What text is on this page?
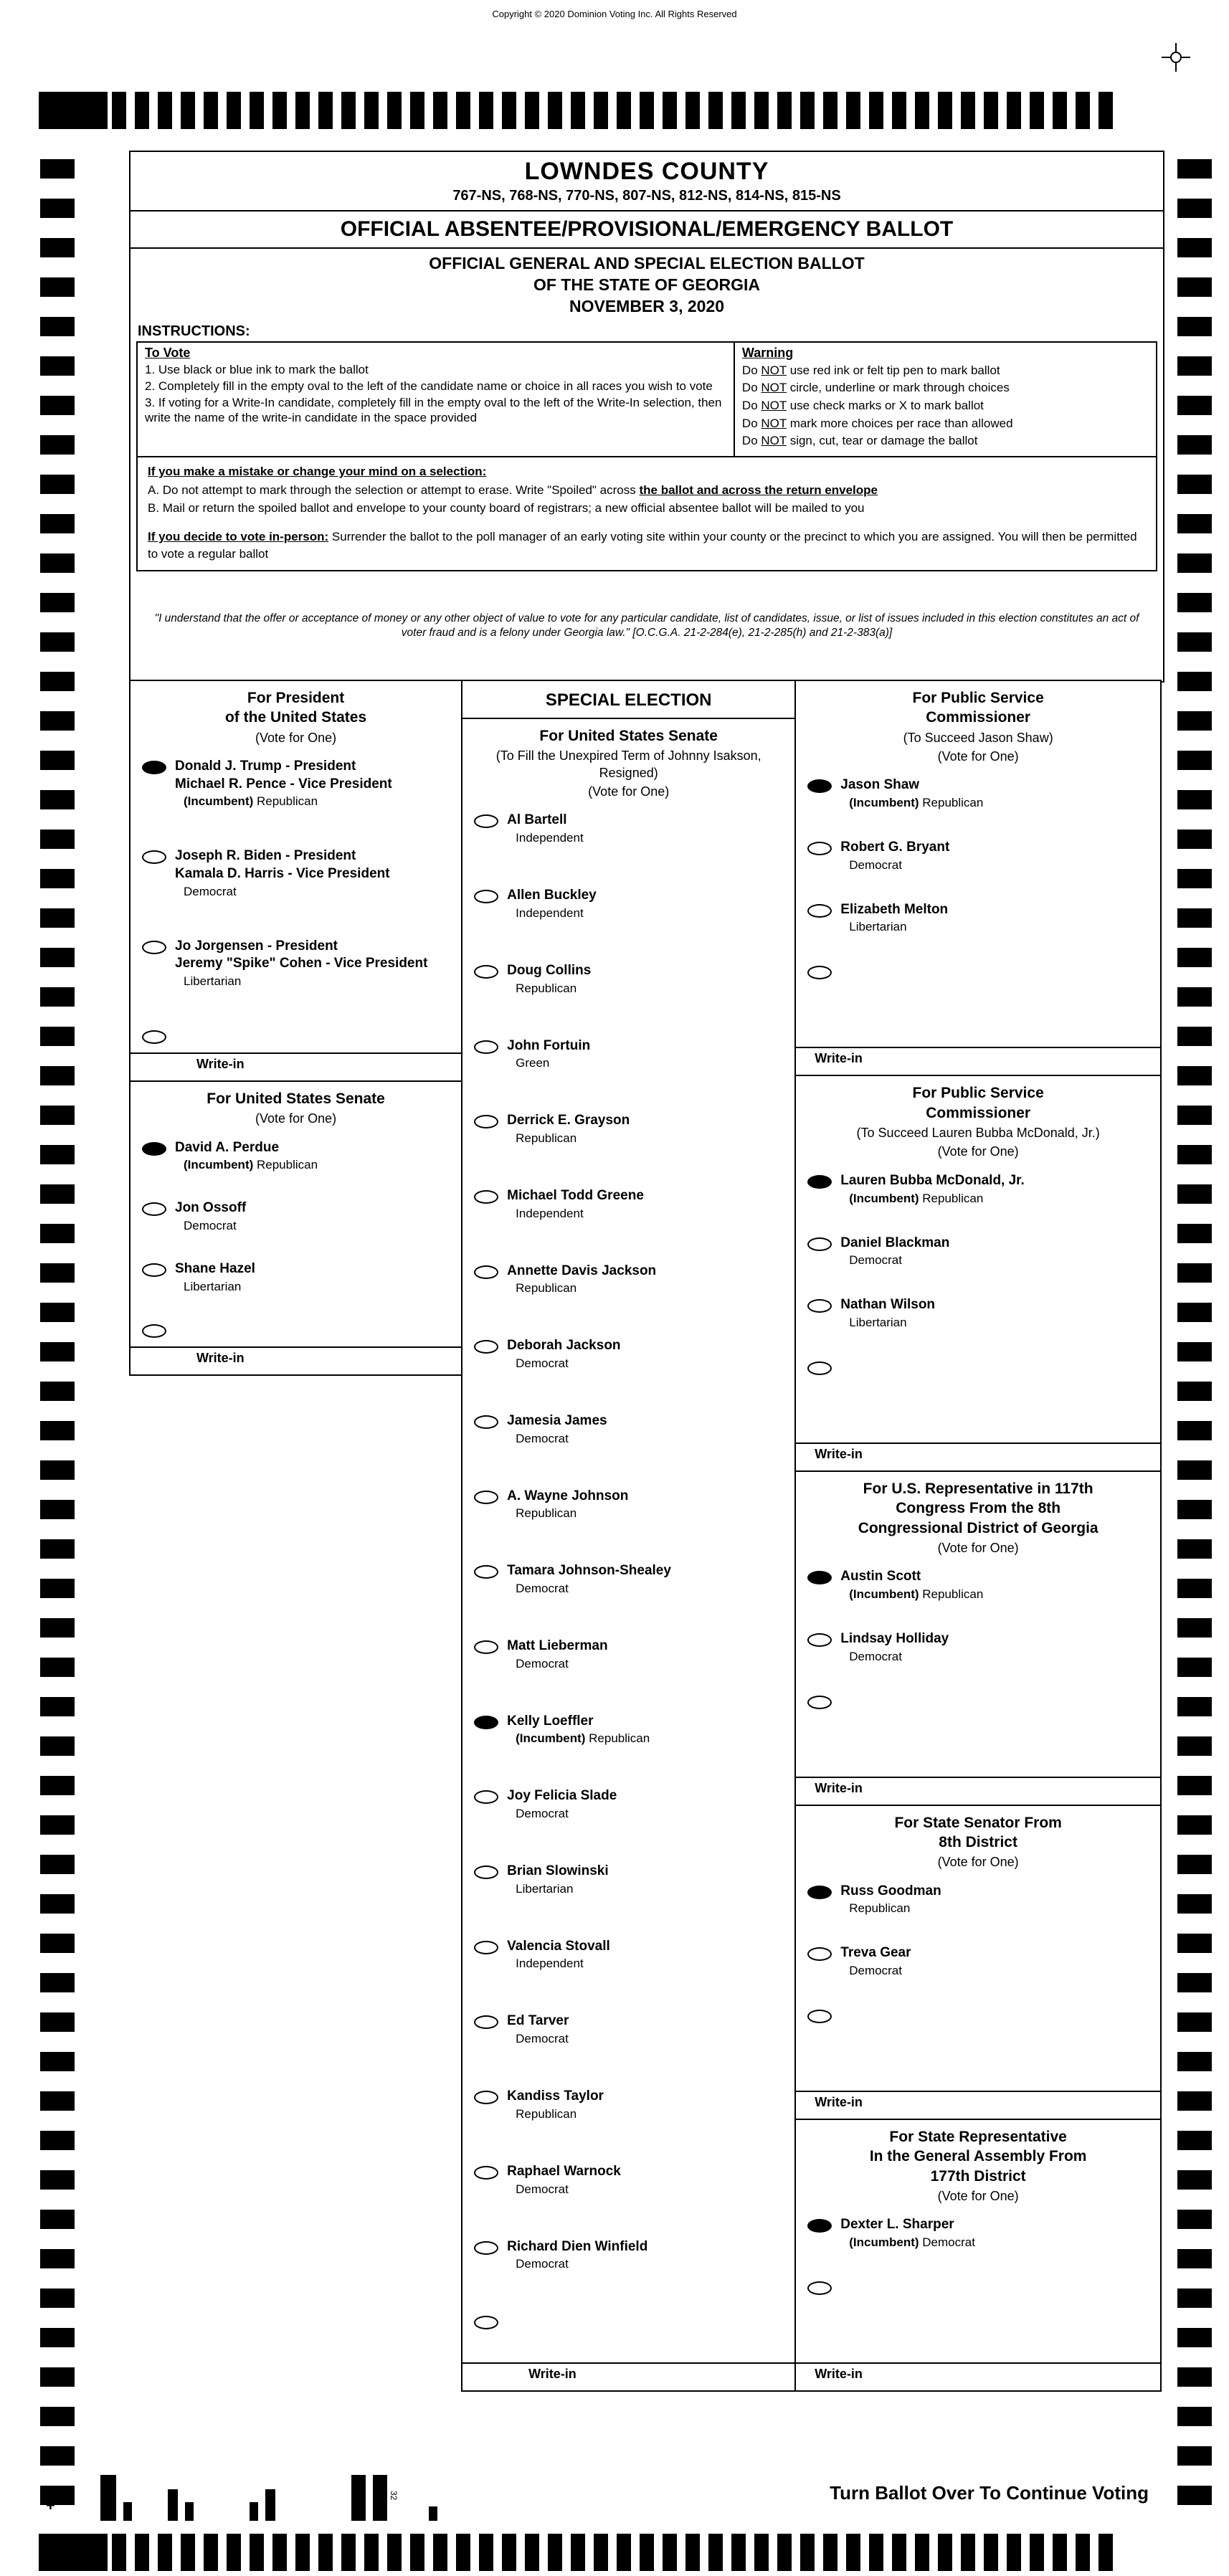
Copyright © 2020 Dominion Voting Inc. All Rights Reserved
LOWNDES COUNTY
767-NS, 768-NS, 770-NS, 807-NS, 812-NS, 814-NS, 815-NS
OFFICIAL ABSENTEE/PROVISIONAL/EMERGENCY BALLOT
OFFICIAL GENERAL AND SPECIAL ELECTION BALLOT
OF THE STATE OF GEORGIA
NOVEMBER 3, 2020
INSTRUCTIONS:
To Vote
1. Use black or blue ink to mark the ballot
2. Completely fill in the empty oval to the left of the candidate name or choice in all races you wish to vote
3. If voting for a Write-In candidate, completely fill in the empty oval to the left of the Write-In selection, then write the name of the write-in candidate in the space provided
Warning
Do NOT use red ink or felt tip pen to mark ballot
Do NOT circle, underline or mark through choices
Do NOT use check marks or X to mark ballot
Do NOT mark more choices per race than allowed
Do NOT sign, cut, tear or damage the ballot
If you make a mistake or change your mind on a selection:
A. Do not attempt to mark through the selection or attempt to erase. Write "Spoiled" across the ballot and across the return envelope
B. Mail or return the spoiled ballot and envelope to your county board of registrars; a new official absentee ballot will be mailed to you
If you decide to vote in-person: Surrender the ballot to the poll manager of an early voting site within your county or the precinct to which you are assigned. You will then be permitted to vote a regular ballot
"I understand that the offer or acceptance of money or any other object of value to vote for any particular candidate, list of candidates, issue, or list of issues included in this election constitutes an act of voter fraud and is a felony under Georgia law." [O.C.G.A. 21-2-284(e), 21-2-285(h) and 21-2-383(a)]
For President
of the United States
(Vote for One)
Donald J. Trump - President
Michael R. Pence - Vice President
(Incumbent) Republican
Joseph R. Biden - President
Kamala D. Harris - Vice President
Democrat
Jo Jorgensen - President
Jeremy "Spike" Cohen - Vice President
Libertarian
Write-in
For United States Senate
(Vote for One)
David A. Perdue
(Incumbent) Republican
Jon Ossoff
Democrat
Shane Hazel
Libertarian
Write-in
SPECIAL ELECTION
For United States Senate
(To Fill the Unexpired Term of Johnny Isakson, Resigned)
(Vote for One)
Al Bartell
Independent
Allen Buckley
Independent
Doug Collins
Republican
John Fortuin
Green
Derrick E. Grayson
Republican
Michael Todd Greene
Independent
Annette Davis Jackson
Republican
Deborah Jackson
Democrat
Jamesia James
Democrat
A. Wayne Johnson
Republican
Tamara Johnson-Shealey
Democrat
Matt Lieberman
Democrat
Kelly Loeffler
(Incumbent) Republican
Joy Felicia Slade
Democrat
Brian Slowinski
Libertarian
Valencia Stovall
Independent
Ed Tarver
Democrat
Kandiss Taylor
Republican
Raphael Warnock
Democrat
Richard Dien Winfield
Democrat
Write-in
For Public Service
Commissioner
(To Succeed Jason Shaw)
(Vote for One)
Jason Shaw
(Incumbent) Republican
Robert G. Bryant
Democrat
Elizabeth Melton
Libertarian
Write-in
For Public Service
Commissioner
(To Succeed Lauren Bubba McDonald, Jr.)
(Vote for One)
Lauren Bubba McDonald, Jr.
(Incumbent) Republican
Daniel Blackman
Democrat
Nathan Wilson
Libertarian
Write-in
For U.S. Representative in 117th
Congress From the 8th
Congressional District of Georgia
(Vote for One)
Austin Scott
(Incumbent) Republican
Lindsay Holliday
Democrat
Write-in
For State Senator From
8th District
(Vote for One)
Russ Goodman
Republican
Treva Gear
Democrat
Write-in
For State Representative
In the General Assembly From
177th District
(Vote for One)
Dexter L. Sharper
(Incumbent) Democrat
Write-in
Turn Ballot Over To Continue Voting
+
32
